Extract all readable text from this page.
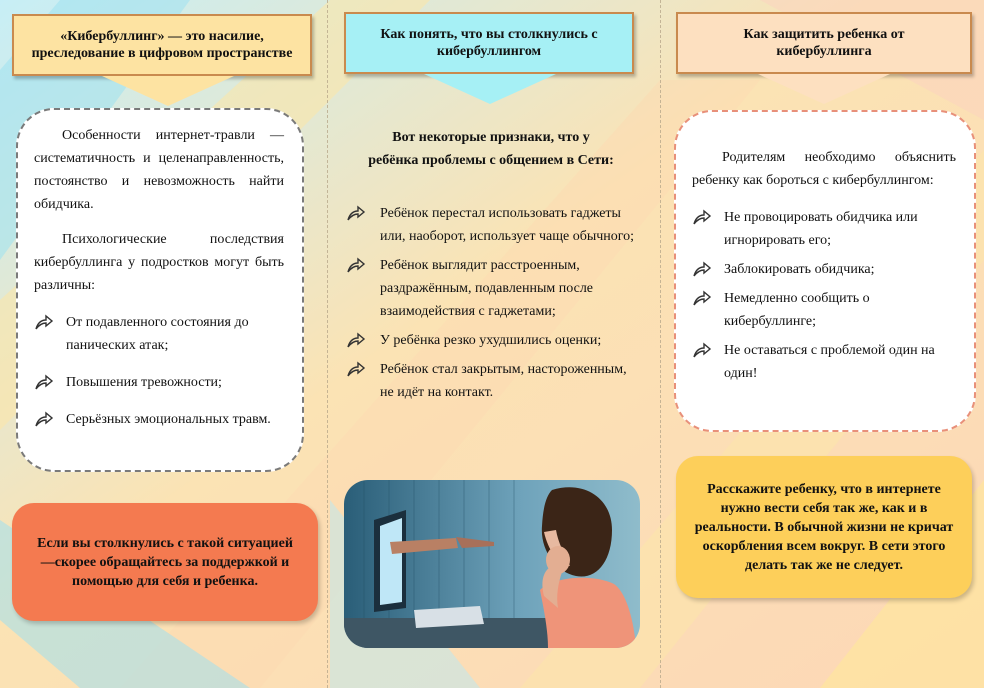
«Кибербуллинг» — это насилие, преследование в цифровом пространстве

Особенности интернет-травли — систематичность и целенаправленность, постоянство и невозможность найти обидчика.

Психологические последствия кибербуллинга у подростков могут быть различны:

От подавленного состояния до панических атак;
Повышения тревожности;
Серьёзных эмоциональных травм.
Если вы столкнулись с такой ситуацией—скорее обращайтесь за поддержкой и помощью для себя и ребенка.
Как понять, что вы столкнулись с кибербуллингом
Вот некоторые признаки, что у ребёнка проблемы с общением в Сети:
Ребёнок перестал использовать гаджеты или, наоборот, использует чаще обычного;
Ребёнок выглядит расстроенным, раздражённым, подавленным после взаимодействия с гаджетами;
У ребёнка резко ухудшились оценки;
Ребёнок стал закрытым, настороженным, не идёт на контакт.
Как защитить ребенка от кибербуллинга

Родителям необходимо объяснить ребенку как бороться с кибербуллингом:

Не провоцировать обидчика или игнорировать его;
Заблокировать обидчика;
Немедленно сообщить о кибербуллинге;
Не оставаться с проблемой один на один!
Расскажите ребенку, что в интернете нужно вести себя так же, как и в реальности. В обычной жизни не кричат оскорбления всем вокруг. В сети этого делать так же не следует.
